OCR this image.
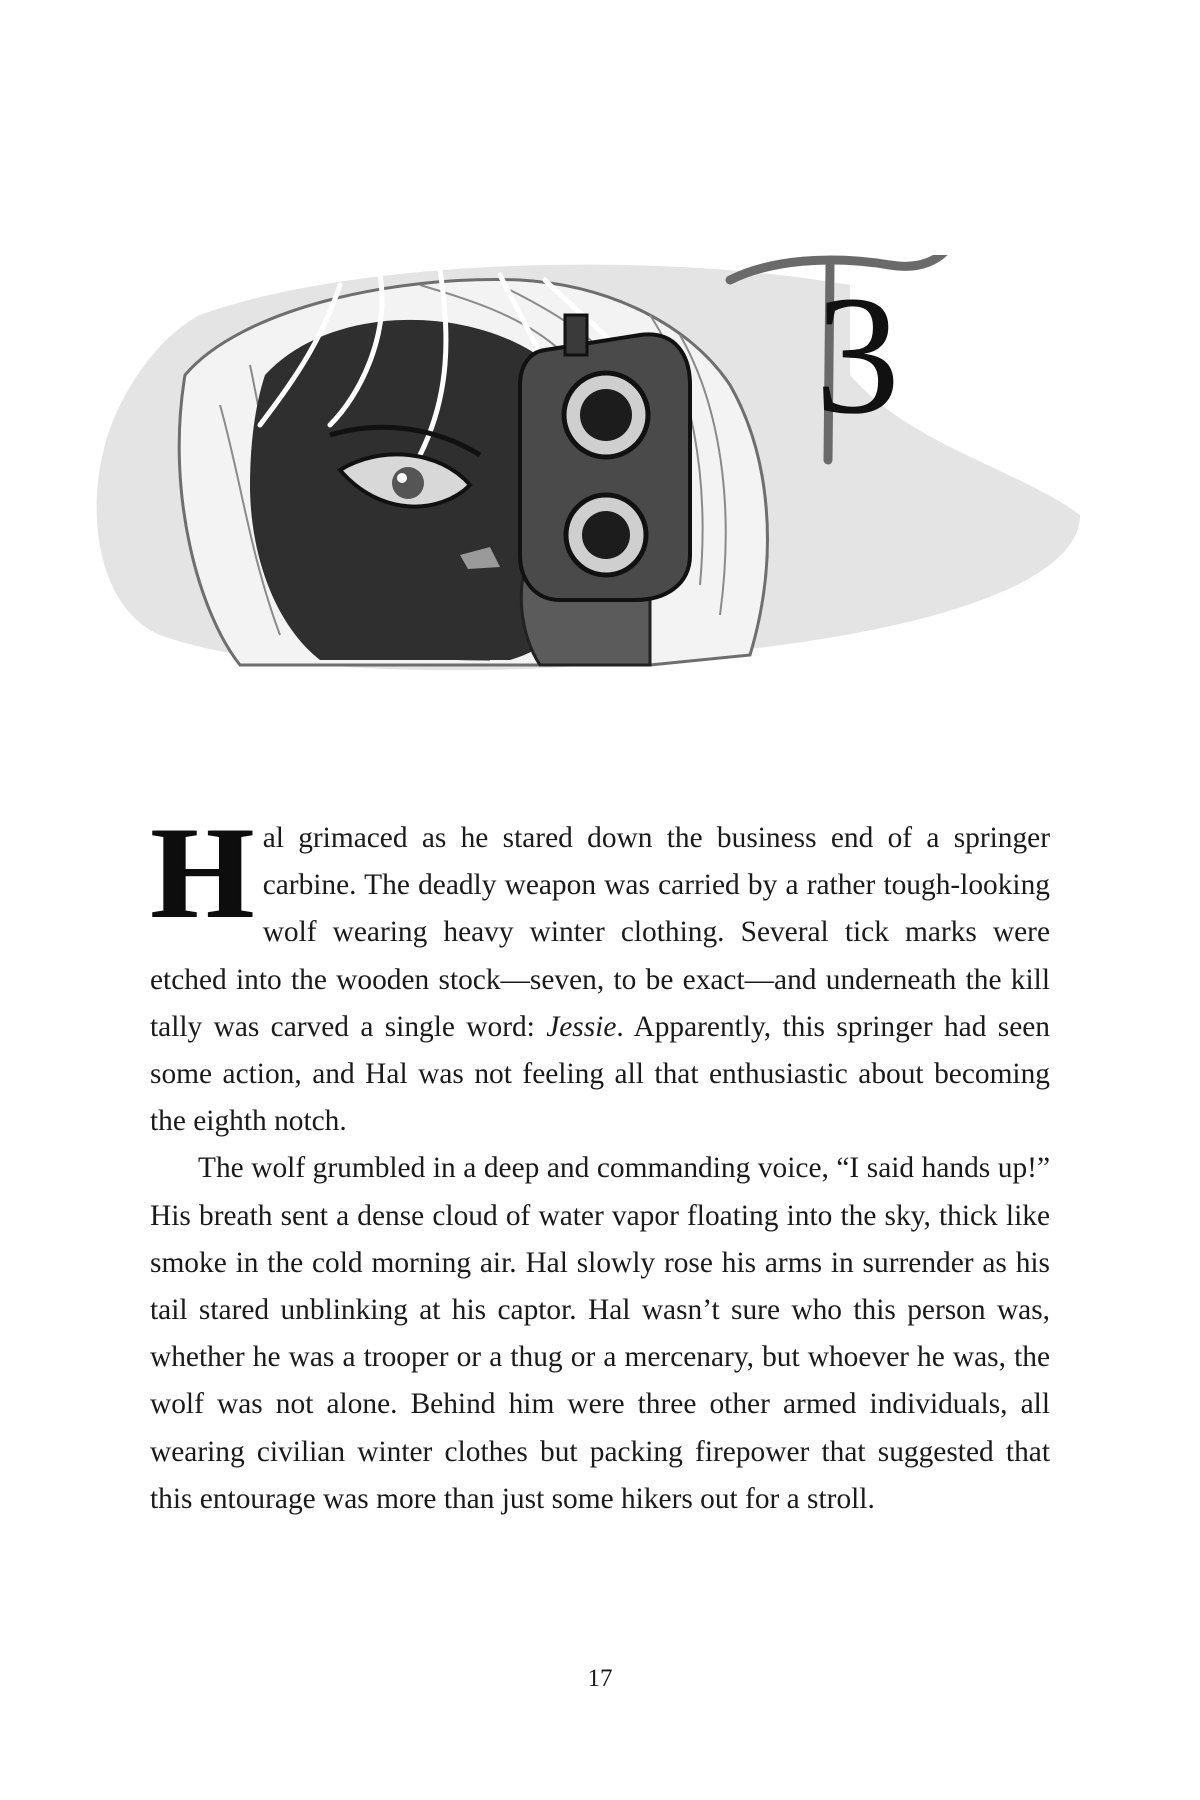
3

Hal grimaced as he stared down the business end of a springer carbine. The deadly weapon was carried by a rather tough-looking wolf wearing heavy winter clothing. Several tick marks were etched into the wooden stock—seven, to be exact—and underneath the kill tally was carved a single word: Jessie. Apparently, this springer had seen some action, and Hal was not feeling all that enthusiastic about becoming the eighth notch.

The wolf grumbled in a deep and commanding voice, “I said hands up!” His breath sent a dense cloud of water vapor floating into the sky, thick like smoke in the cold morning air. Hal slowly rose his arms in surrender as his tail stared unblinking at his captor. Hal wasn’t sure who this person was, whether he was a trooper or a thug or a mercenary, but whoever he was, the wolf was not alone. Behind him were three other armed individuals, all wearing civilian winter clothes but packing firepower that suggested that this entourage was more than just some hikers out for a stroll.

17
